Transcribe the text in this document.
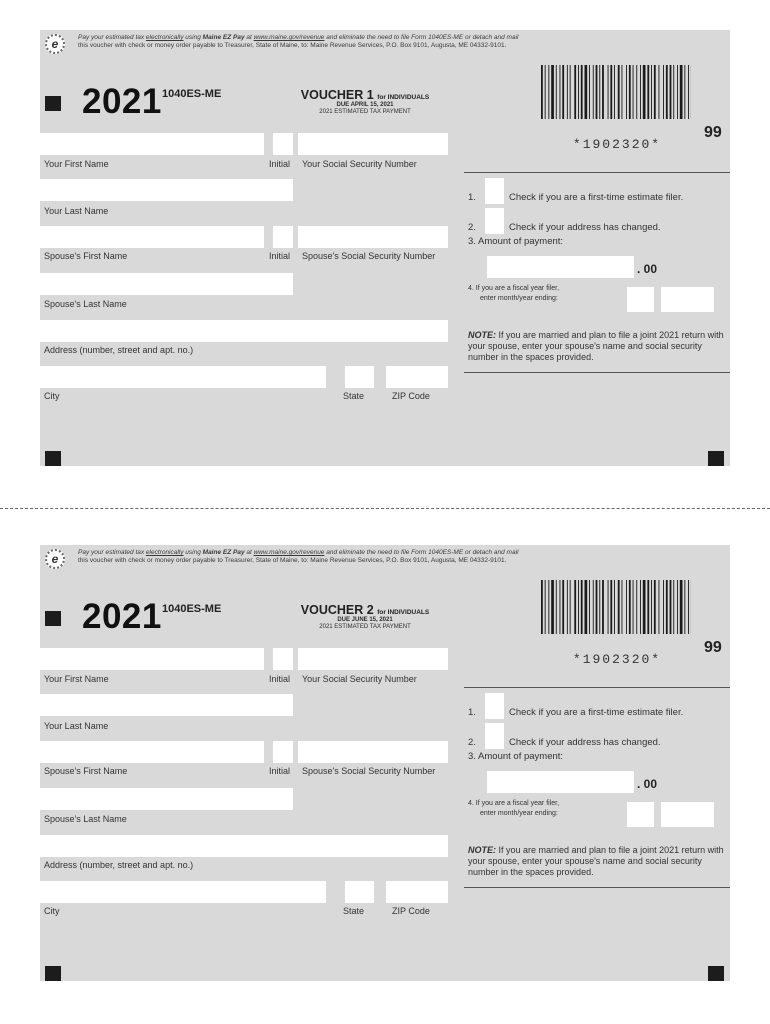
e	Pay your estimated tax electronically using Maine EZ Pay at www.maine.gov/revenue and eliminate the need to file Form 1040ES-ME or detach and mail
this voucher with check or money order payable to Treasurer, State of Maine, to: Maine Revenue Services, P.O. Box 9101, Augusta, ME 04332-9101.
2021 1040ES-ME	VOUCHER 1 for INDIVIDUALS
DUE APRIL 15, 2021
2021 ESTIMATED TAX PAYMENT
*1902320*
99
Your First Name	Initial Your Social Security Number
Your Last Name
Spouse's First Name	Initial Spouse's Social Security Number
Spouse's Last Name
Address (number, street and apt. no.)
City	State	ZIP Code
1.	Check if you are a first-time estimate filer.
2.	Check if your address has changed.
3. Amount of payment:
. 00
4. If you are a fiscal year filer,
enter month/year ending:
NOTE: If you are married and plan to file a joint 2021 return with your spouse, enter your spouse's name and social security number in the spaces provided.
e	Pay your estimated tax electronically using Maine EZ Pay at www.maine.gov/revenue and eliminate the need to file Form 1040ES-ME or detach and mail
this voucher with check or money order payable to Treasurer, State of Maine, to: Maine Revenue Services, P.O. Box 9101, Augusta, ME 04332-9101.
2021 1040ES-ME	VOUCHER 2 for INDIVIDUALS
DUE JUNE 15, 2021
2021 ESTIMATED TAX PAYMENT
*1902320*
99
Your First Name	Initial Your Social Security Number
Your Last Name
Spouse's First Name	Initial Spouse's Social Security Number
Spouse's Last Name
Address (number, street and apt. no.)
City	State	ZIP Code
1.	Check if you are a first-time estimate filer.
2.	Check if your address has changed.
3. Amount of payment:
. 00
4. If you are a fiscal year filer,
enter month/year ending:
NOTE: If you are married and plan to file a joint 2021 return with your spouse, enter your spouse's name and social security number in the spaces provided.
